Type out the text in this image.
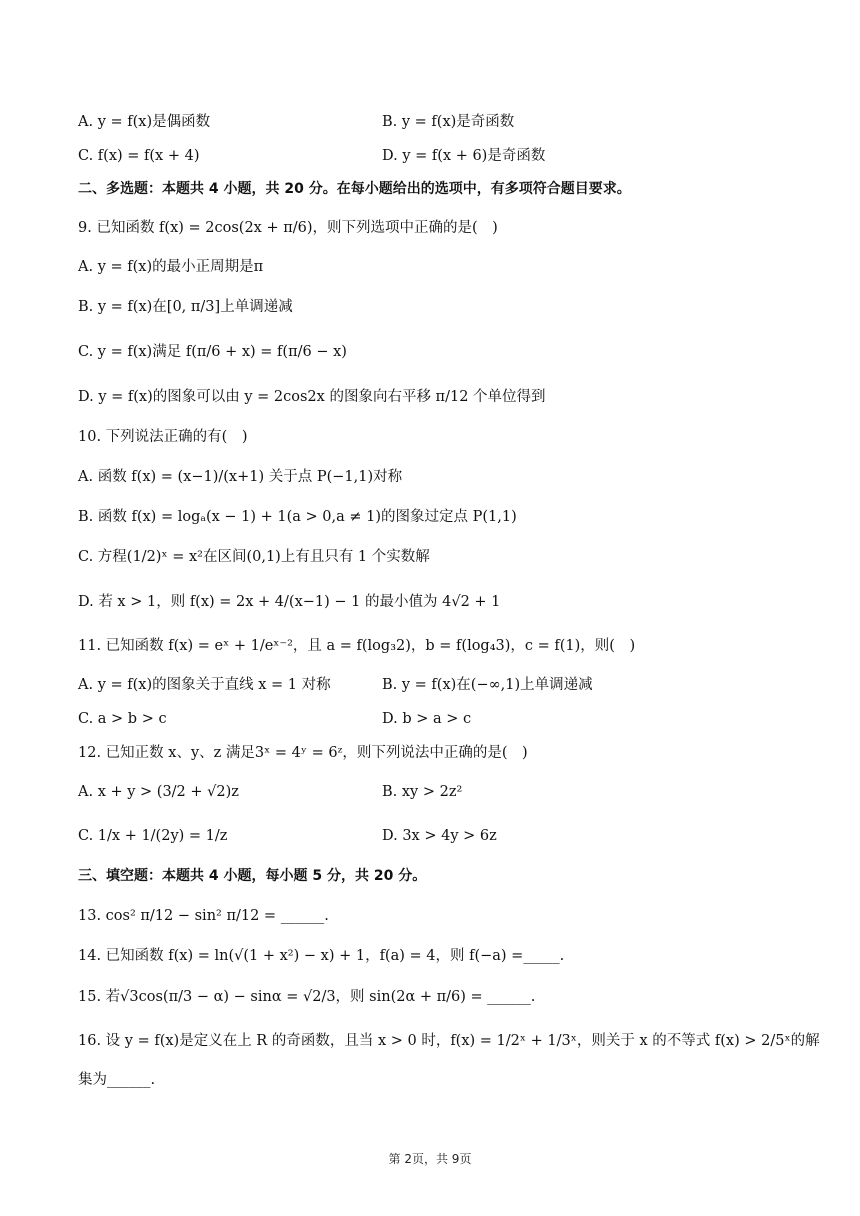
A. y = f(x)是偶函数	B. y = f(x)是奇函数
C. f(x) = f(x + 4)	D. y = f(x + 6)是奇函数
二、多选题：本题共 4 小题，共 20 分。在每小题给出的选项中，有多项符合题目要求。
9. 已知函数 f(x) = 2cos(2x + π/6)，则下列选项中正确的是(　)
A. y = f(x)的最小正周期是π
B. y = f(x)在[0, π/3]上单调递减
C. y = f(x)满足 f(π/6 + x) = f(π/6 − x)
D. y = f(x)的图象可以由 y = 2cos2x 的图象向右平移 π/12 个单位得到
10. 下列说法正确的有(　)
A. 函数 f(x) = (x−1)/(x+1) 关于点 P(−1,1)对称
B. 函数 f(x) = logₐ(x − 1) + 1(a > 0,a ≠ 1)的图象过定点 P(1,1)
C. 方程(1/2)ˣ = x²在区间(0,1)上有且只有 1 个实数解
D. 若 x > 1，则 f(x) = 2x + 4/(x−1) − 1 的最小值为 4√2 + 1
11. 已知函数 f(x) = eˣ + 1/eˣ⁻²，且 a = f(log₃2)，b = f(log₄3)，c = f(1)，则(　)
A. y = f(x)的图象关于直线 x = 1 对称	B. y = f(x)在(−∞,1)上单调递减
C. a > b > c	D. b > a > c
12. 已知正数 x、y、z 满足3ˣ = 4ʸ = 6ᶻ，则下列说法中正确的是(　)
A. x + y > (3/2 + √2)z	B. xy > 2z²
C. 1/x + 1/(2y) = 1/z	D. 3x > 4y > 6z
三、填空题：本题共 4 小题，每小题 5 分，共 20 分。
13. cos² π/12 − sin² π/12 = ______.
14. 已知函数 f(x) = ln(√(1 + x²) − x) + 1，f(a) = 4，则 f(−a) =_____.
15. 若√3cos(π/3 − α) − sinα = √2/3，则 sin(2α + π/6) = ______.
16. 设 y = f(x)是定义在上 R 的奇函数，且当 x > 0 时，f(x) = 1/2ˣ + 1/3ˣ，则关于 x 的不等式 f(x) > 2/5ˣ的解
集为______.
第 2页，共 9页
